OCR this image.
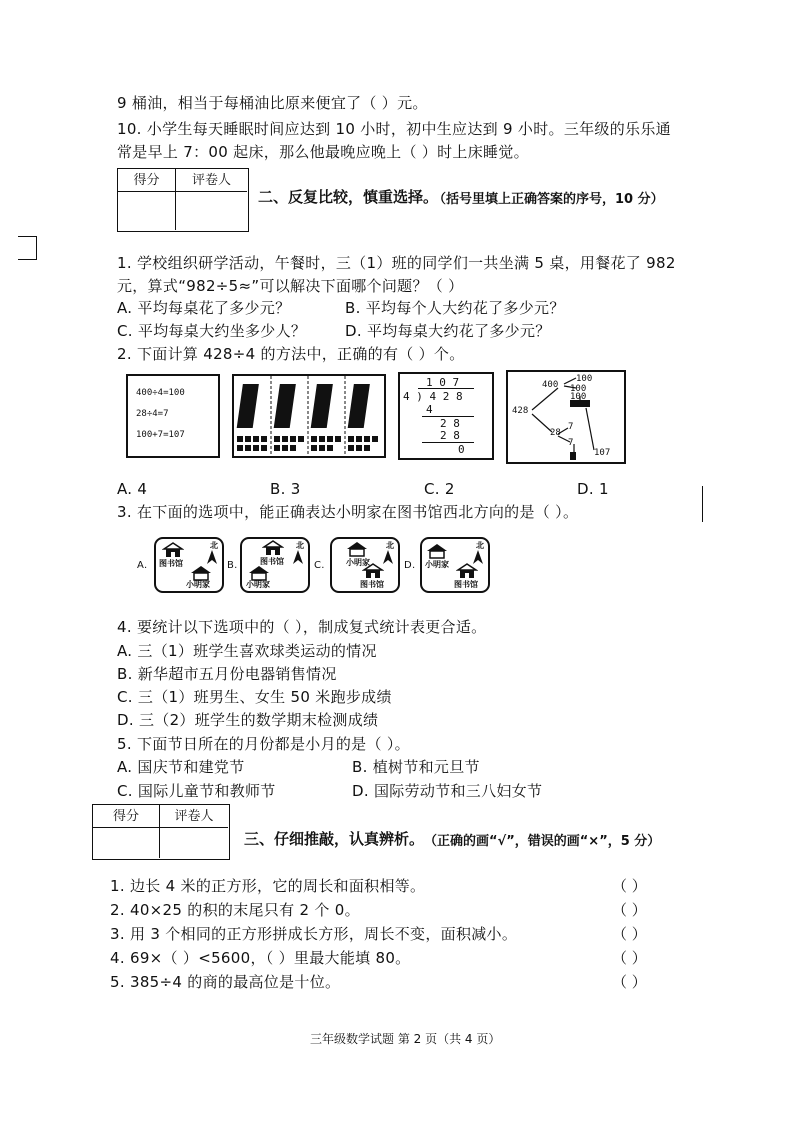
9 桶油，相当于每桶油比原来便宜了（ ）元。
10. 小学生每天睡眠时间应达到 10 小时，初中生应达到 9 小时。三年级的乐乐通
常是早上 7：00 起床，那么他最晚应晚上（ ）时上床睡觉。
得分	评卷人
二、反复比较，慎重选择。
（括号里填上正确答案的序号，10 分）
1. 学校组织研学活动，午餐时，三（1）班的同学们一共坐满 5 桌，用餐花了 982
元，算式“982÷5≈”可以解决下面哪个问题？（ ）
A. 平均每桌花了多少元？	B. 平均每个人大约花了多少元？
C. 平均每桌大约坐多少人？	D. 平均每桌大约花了多少元？
2. 下面计算 428÷4 的方法中，正确的有（ ）个。
400÷4=100
28÷4=7
100+7=107
1 0 7
4 ) 4 2 8
4
2 8
2 8
0
400
100
428
100
100
28
7
7
107
A. 4	B. 3	C. 2	D. 1
3. 在下面的选项中，能正确表达小明家在图书馆西北方向的是（ ）。
A.
北
图书馆
小明家
B.
北
图书馆
小明家
C.
北
小明家
图书馆
D.
北
小明家
图书馆
4. 要统计以下选项中的（ ），制成复式统计表更合适。
A. 三（1）班学生喜欢球类运动的情况
B. 新华超市五月份电器销售情况
C. 三（1）班男生、女生 50 米跑步成绩
D. 三（2）班学生的数学期末检测成绩
5. 下面节日所在的月份都是小月的是（ ）。
A. 国庆节和建党节	B. 植树节和元旦节
C. 国际儿童节和教师节	D. 国际劳动节和三八妇女节
得分	评卷人
三、仔细推敲，认真辨析。 （正确的画“√”，错误的画“×”，5 分）
1. 边长 4 米的正方形，它的周长和面积相等。	（ ）
2. 40×25 的积的末尾只有 2 个 0。	（ ）
3. 用 3 个相同的正方形拼成长方形，周长不变，面积减小。	（ ）
4. 69×（ ）<5600，（ ）里最大能填 80。	（ ）
5. 385÷4 的商的最高位是十位。	（ ）
三年级数学试题 第 2 页（共 4 页）
